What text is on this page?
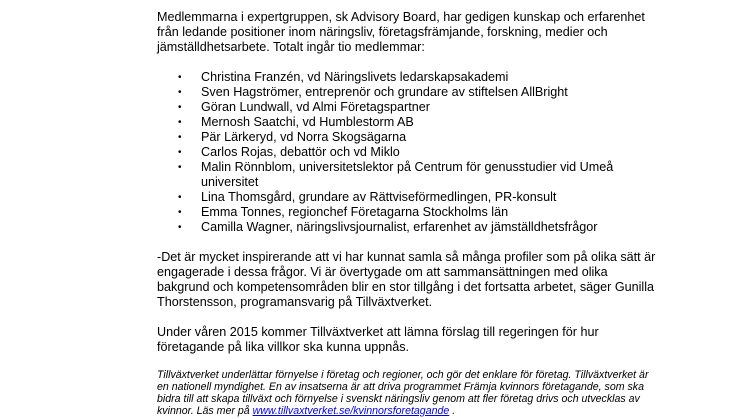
Medlemmarna i expertgruppen, sk Advisory Board, har gedigen kunskap och erfarenhet från ledande positioner inom näringsliv, företagsfrämjande, forskning, medier och jämställdhetsarbete. Totalt ingår tio medlemmar:

• Christina Franzén, vd Näringslivets ledarskapsakademi
• Sven Hagströmer, entreprenör och grundare av stiftelsen AllBright
• Göran Lundwall, vd Almi Företagspartner
• Mernosh Saatchi, vd Humblestorm AB
• Pär Lärkeryd, vd Norra Skogsägarna
• Carlos Rojas, debattör och vd Miklo
• Malin Rönnblom, universitetslektor på Centrum för genusstudier vid Umeå universitet
• Lina Thomsgård, grundare av Rättviseförmedlingen, PR-konsult
• Emma Tonnes, regionchef Företagarna Stockholms län
• Camilla Wagner, näringslivsjournalist, erfarenhet av jämställdhetsfrågor

-Det är mycket inspirerande att vi har kunnat samla så många profiler som på olika sätt är engagerade i dessa frågor. Vi är övertygade om att sammansättningen med olika bakgrund och kompetensområden blir en stor tillgång i det fortsatta arbetet, säger Gunilla Thorstensson, programansvarig på Tillväxtverket.

Under våren 2015 kommer Tillväxtverket att lämna förslag till regeringen för hur företagande på lika villkor ska kunna uppnås.

Tillväxtverket underlättar förnyelse i företag och regioner, och gör det enklare för företag. Tillväxtverket är en nationell myndighet. En av insatserna är att driva programmet Främja kvinnors företagande, som ska bidra till att skapa tillväxt och förnyelse i svenskt näringsliv genom att fler företag drivs och utvecklas av kvinnor. Läs mer på www.tillvaxtverket.se/kvinnorsforetagande .
